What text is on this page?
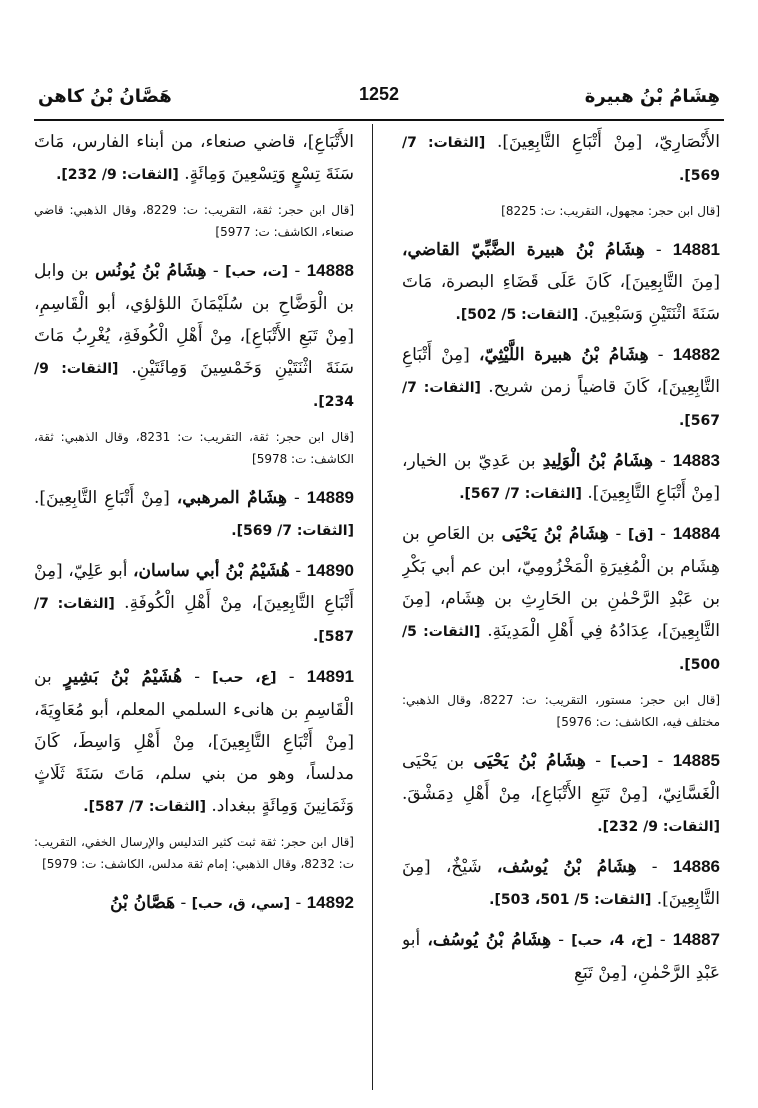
هِشَامُ بْنُ هبيرة
1252
هَصَّانُ بْنُ كاهن

الأَنْصَارِيّ، [مِنْ أَتْبَاعِ التَّابِعِينَ]. [الثقات: 7/ 569].

[قال ابن حجر: مجهول، التقريب: ت: 8225]

14881 - هِشَامُ بْنُ هبيرة الضَّبِّيّ القاضي، [مِنَ التَّابِعِينَ]، كَانَ عَلَى قَضَاءِ البصرة، مَاتَ سَنَةَ اثْنَتَيْنِ وَسَبْعِينَ. [الثقات: 5/ 502].

14882 - هِشَامُ بْنُ هبيرة اللَّيْثِيّ، [مِنْ أَتْبَاعِ التَّابِعِينَ]، كَانَ قاضياً زمن شريح. [الثقات: 7/ 567].

14883 - هِشَامُ بْنُ الْوَلِيدِ بن عَدِيّ بن الخيار، [مِنْ أَتْبَاعِ التَّابِعِينَ]. [الثقات: 7/ 567].

14884 - [ق] - هِشَامُ بْنُ يَحْيَى بن العَاصِ بن هِشَام بن الْمُغِيرَةِ الْمَخْزُومِيّ، ابن عم أبي بَكْرِ بن عَبْدِ الرَّحْمٰنِ بن الحَارِثِ بن هِشَام، [مِنَ التَّابِعِينَ]، عِدَادُهُ فِي أَهْلِ الْمَدِينَةِ. [الثقات: 5/ 500].

[قال ابن حجر: مستور، التقريب: ت: 8227، وقال الذهبي: مختلف فيه، الكاشف: ت: 5976]

14885 - [حب] - هِشَامُ بْنُ يَحْيَى بن يَحْيَى الْغَسَّانِيّ، [مِنْ تَبَعِ الأَتْبَاعِ]، مِنْ أَهْلِ دِمَشْقَ. [الثقات: 9/ 232].

14886 - هِشَامُ بْنُ يُوسُف، شَيْخٌ، [مِنَ التَّابِعِينَ]. [الثقات: 5/ 501، 503].

14887 - [خ، 4، حب] - هِشَامُ بْنُ يُوسُف، أبو عَبْدِ الرَّحْمٰنِ، [مِنْ تَبَعِ

الأَتْبَاعِ]، قاضي صنعاء، من أبناء الفارس، مَاتَ سَنَةَ تِسْعٍ وَتِسْعِينَ وَمِائَةٍ. [الثقات: 9/ 232].

[قال ابن حجر: ثقة، التقريب: ت: 8229، وقال الذهبي: قاضي صنعاء، الكاشف: ت: 5977]

14888 - [ت، حب] - هِشَامُ بْنُ يُونُس بن وابل بن الْوَضَّاحِ بن سُلَيْمَانَ اللؤلؤي، أبو الْقَاسِمِ، [مِنْ تَبَعِ الأَتْبَاعِ]، مِنْ أَهْلِ الْكُوفَةِ، يُغْرِبُ مَاتَ سَنَةَ اثْنَتَيْنِ وَخَمْسِينَ وَمِائَتَيْنِ. [الثقات: 9/ 234].

[قال ابن حجر: ثقة، التقريب: ت: 8231، وقال الذهبي: ثقة، الكاشف: ت: 5978]

14889 - هِشَامٌ المرهبي، [مِنْ أَتْبَاعِ التَّابِعِينَ]. [الثقات: 7/ 569].

14890 - هُشَيْمُ بْنُ أبي ساسان، أبو عَلِيّ، [مِنْ أَتْبَاعِ التَّابِعِينَ]، مِنْ أَهْلِ الْكُوفَةِ. [الثقات: 7/ 587].

14891 - [ع، حب] - هُشَيْمُ بْنُ بَشِيرٍ بن الْقَاسِمِ بن هانىء السلمي المعلم، أبو مُعَاوِيَةَ، [مِنْ أَتْبَاعِ التَّابِعِينَ]، مِنْ أَهْلِ وَاسِطَ، كَانَ مدلساً، وهو من بني سلم، مَاتَ سَنَةَ ثَلَاثٍ وَثَمَانِينَ وَمِائَةٍ ببغداد. [الثقات: 7/ 587].

[قال ابن حجر: ثقة ثبت كثير التدليس والإرسال الخفي، التقريب: ت: 8232، وقال الذهبي: إمام ثقة مدلس، الكاشف: ت: 5979]

14892 - [سي، ق، حب] - هَصَّانُ بْنُ
